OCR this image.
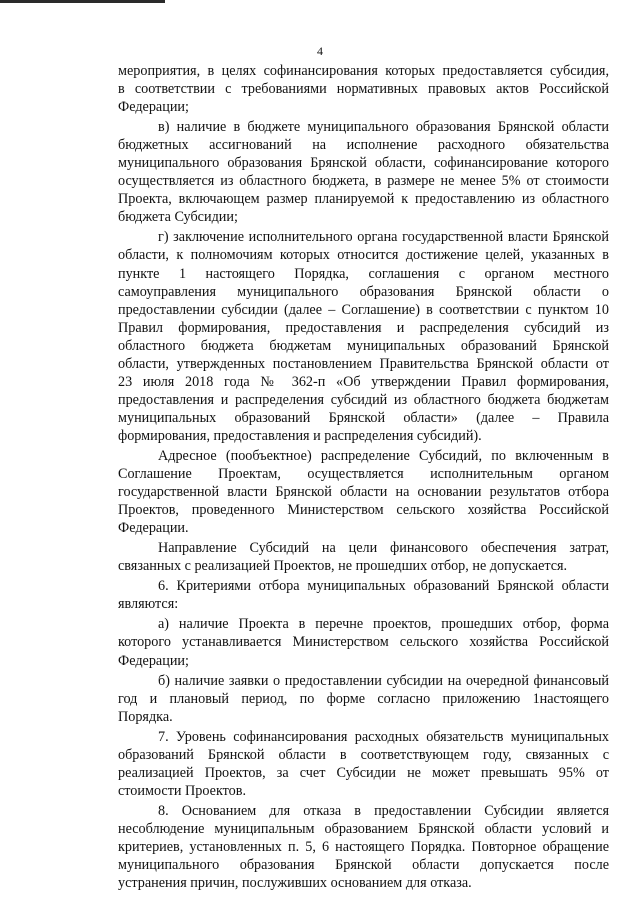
4
мероприятия, в целях софинансирования которых предоставляется субсидия,
в соответствии с требованиями нормативных правовых актов Российской
Федерации;
в) наличие в бюджете муниципального образования Брянской области
бюджетных ассигнований на исполнение расходного обязательства
муниципального образования Брянской области, софинансирование которого
осуществляется из областного бюджета, в размере не менее 5% от стоимости
Проекта, включающем размер планируемой к предоставлению из областного
бюджета Субсидии;
г) заключение исполнительного органа государственной власти Брянской
области, к полномочиям которых относится достижение целей, указанных в
пункте 1 настоящего Порядка, соглашения с органом местного
самоуправления муниципального образования Брянской области о
предоставлении субсидии (далее – Соглашение) в соответствии с пунктом 10
Правил формирования, предоставления и распределения субсидий из
областного бюджета бюджетам муниципальных образований Брянской
области, утвержденных постановлением Правительства Брянской области от
23 июля 2018 года № 362-п «Об утверждении Правил формирования,
предоставления и распределения субсидий из областного бюджета бюджетам
муниципальных образований Брянской области» (далее – Правила
формирования, предоставления и распределения субсидий).
Адресное (пообъектное) распределение Субсидий, по включенным в
Соглашение Проектам, осуществляется исполнительным органом
государственной власти Брянской области на основании результатов отбора
Проектов, проведенного Министерством сельского хозяйства Российской
Федерации.
Направление Субсидий на цели финансового обеспечения затрат,
связанных с реализацией Проектов, не прошедших отбор, не допускается.
6. Критериями отбора муниципальных образований Брянской области
являются:
а) наличие Проекта в перечне проектов, прошедших отбор, форма
которого устанавливается Министерством сельского хозяйства Российской
Федерации;
б) наличие заявки о предоставлении субсидии на очередной финансовый
год и плановый период, по форме согласно приложению 1настоящего
Порядка.
7. Уровень софинансирования расходных обязательств муниципальных
образований Брянской области в соответствующем году, связанных с
реализацией Проектов, за счет Субсидии не может превышать 95% от
стоимости Проектов.
8. Основанием для отказа в предоставлении Субсидии является
несоблюдение муниципальным образованием Брянской области условий и
критериев, установленных п. 5, 6 настоящего Порядка. Повторное обращение
муниципального образования Брянской области допускается после
устранения причин, послуживших основанием для отказа.
